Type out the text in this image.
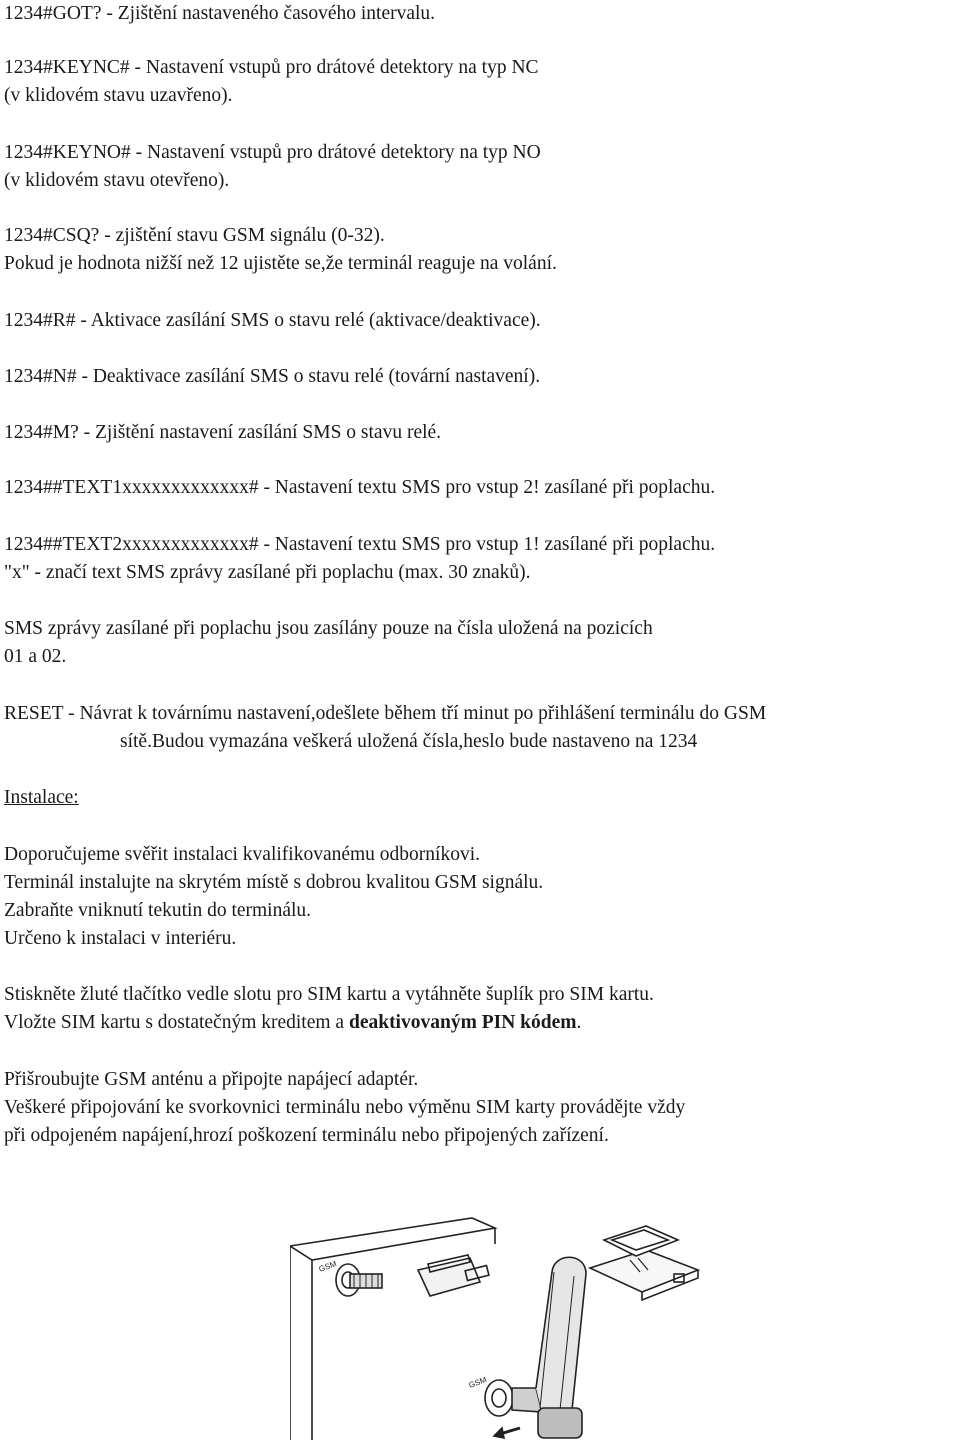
1234#GOT? - Zjištění nastaveného časového intervalu.

1234#KEYNC# - Nastavení vstupů pro drátové detektory na typ NC

(v klidovém stavu uzavřeno).

1234#KEYNO# - Nastavení vstupů pro drátové detektory na typ NO

(v klidovém stavu otevřeno).

1234#CSQ? - zjištění stavu GSM signálu (0-32).

Pokud je hodnota nižší než 12 ujistěte se,že terminál reaguje na volání.

1234#R# - Aktivace zasílání SMS o stavu relé (aktivace/deaktivace).

1234#N# - Deaktivace zasílání SMS o stavu relé (tovární nastavení).

1234#M? - Zjištění nastavení zasílání SMS o stavu relé.

1234##TEXT1xxxxxxxxxxxxx# - Nastavení textu SMS pro vstup 2! zasílané při poplachu.

1234##TEXT2xxxxxxxxxxxxx# - Nastavení textu SMS pro vstup 1! zasílané při poplachu.

"x" - značí text SMS zprávy zasílané při poplachu (max. 30 znaků).

SMS zprávy zasílané při poplachu jsou zasílány pouze na čísla uložená na pozicích

01 a 02.

RESET - Návrat k továrnímu nastavení,odešlete během tří minut po přihlášení terminálu do GSM

sítě.Budou vymazána veškerá uložená čísla,heslo bude nastaveno na 1234

Instalace:

Doporučujeme svěřit instalaci kvalifikovanému odborníkovi.

Terminál instalujte na skrytém místě s dobrou kvalitou GSM signálu.

Zabraňte vniknutí tekutin do terminálu.

Určeno k instalaci v interiéru.

Stiskněte žluté tlačítko vedle slotu pro SIM kartu a vytáhněte šuplík pro SIM kartu.

Vložte SIM kartu s dostatečným kreditem a deaktivovaným PIN kódem.

Přišroubujte GSM anténu a připojte napájecí adaptér.

Veškeré připojování ke svorkovnici terminálu nebo výměnu SIM karty provádějte vždy

při odpojeném napájení,hrozí poškození terminálu nebo připojených zařízení.

GSM
GSM
